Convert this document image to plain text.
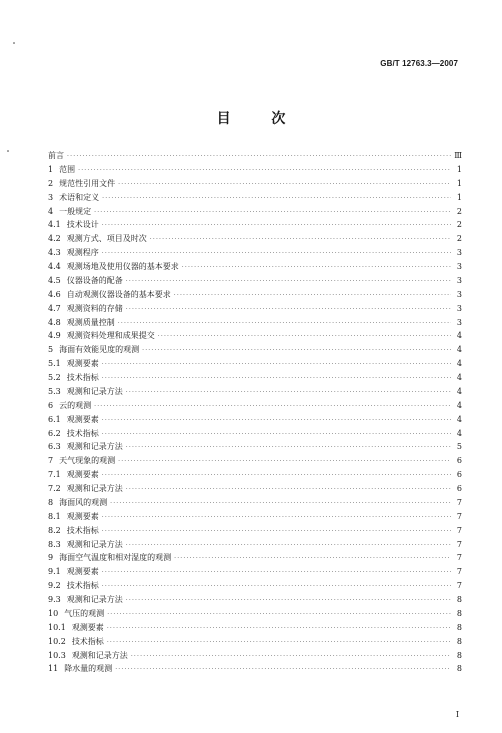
GB/T 12763.3—2007
目 次
前言 ·····	Ⅲ
1 范围 ·····	1
2 规范性引用文件 ·····	1
3 术语和定义 ·····	1
4 一般规定 ·····	2
4.1 技术设计 ·····	2
4.2 观测方式、项目及时次 ·····	2
4.3 观测程序 ·····	3
4.4 观测场地及使用仪器的基本要求 ·····	3
4.5 仪器设备的配备 ·····	3
4.6 自动观测仪器设备的基本要求 ·····	3
4.7 观测资料的存储 ·····	3
4.8 观测质量控制 ·····	3
4.9 观测资料处理和成果提交 ·····	4
5 海面有效能见度的观测 ·····	4
5.1 观测要素 ·····	4
5.2 技术指标 ·····	4
5.3 观测和记录方法 ·····	4
6 云的观测 ·····	4
6.1 观测要素 ·····	4
6.2 技术指标 ·····	4
6.3 观测和记录方法 ·····	5
7 天气现象的观测 ·····	6
7.1 观测要素 ·····	6
7.2 观测和记录方法 ·····	6
8 海面风的观测 ·····	7
8.1 观测要素 ·····	7
8.2 技术指标 ·····	7
8.3 观测和记录方法 ·····	7
9 海面空气温度和相对湿度的观测 ·····	7
9.1 观测要素 ·····	7
9.2 技术指标 ·····	7
9.3 观测和记录方法 ·····	8
10 气压的观测 ·····	8
10.1 观测要素 ·····	8
10.2 技术指标 ·····	8
10.3 观测和记录方法 ·····	8
11 降水量的观测 ·····	8
I
